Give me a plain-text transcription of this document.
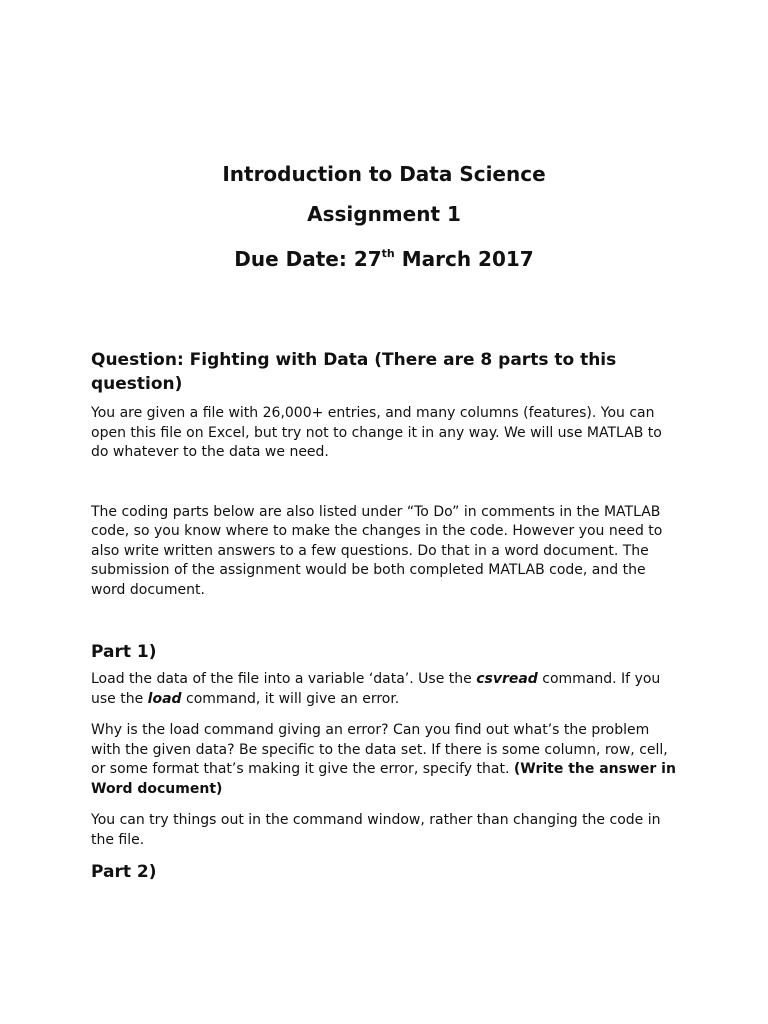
Introduction to Data Science

Assignment 1

Due Date: 27th March 2017

Question: Fighting with Data (There are 8 parts to this question)

You are given a file with 26,000+ entries, and many columns (features). You can open this file on Excel, but try not to change it in any way. We will use MATLAB to do whatever to the data we need.

The coding parts below are also listed under “To Do” in comments in the MATLAB code, so you know where to make the changes in the code. However you need to also write written answers to a few questions. Do that in a word document. The submission of the assignment would be both completed MATLAB code, and the word document.

Part 1)

Load the data of the file into a variable ‘data’. Use the csvread command. If you use the load command, it will give an error.

Why is the load command giving an error? Can you find out what’s the problem with the given data? Be specific to the data set. If there is some column, row, cell, or some format that’s making it give the error, specify that. (Write the answer in Word document)

You can try things out in the command window, rather than changing the code in the file.

Part 2)
